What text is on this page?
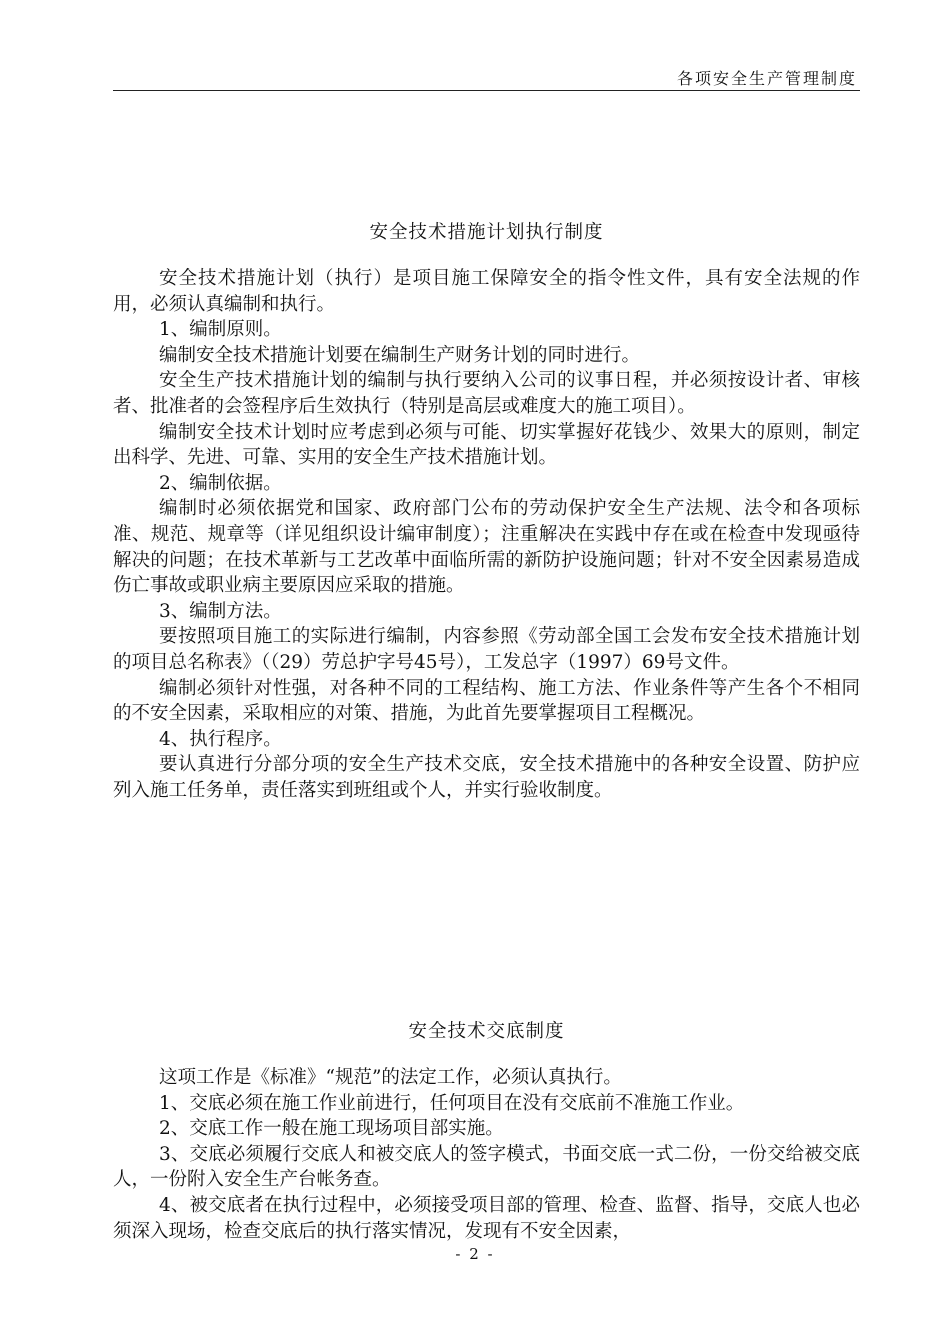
各项安全生产管理制度
安全技术措施计划执行制度

安全技术措施计划（执行）是项目施工保障安全的指令性文件，具有安全法规的作用，必须认真编制和执行。

1、编制原则。

编制安全技术措施计划要在编制生产财务计划的同时进行。

安全生产技术措施计划的编制与执行要纳入公司的议事日程，并必须按设计者、审核者、批准者的会签程序后生效执行（特别是高层或难度大的施工项目）。

编制安全技术计划时应考虑到必须与可能、切实掌握好花钱少、效果大的原则，制定出科学、先进、可靠、实用的安全生产技术措施计划。

2、编制依据。

编制时必须依据党和国家、政府部门公布的劳动保护安全生产法规、法令和各项标准、规范、规章等（详见组织设计编审制度）；注重解决在实践中存在或在检查中发现亟待解决的问题；在技术革新与工艺改革中面临所需的新防护设施问题；针对不安全因素易造成伤亡事故或职业病主要原因应采取的措施。

3、编制方法。

要按照项目施工的实际进行编制，内容参照《劳动部全国工会发布安全技术措施计划的项目总名称表》（（29）劳总护字号45号），工发总字（1997）69号文件。

编制必须针对性强，对各种不同的工程结构、施工方法、作业条件等产生各个不相同的不安全因素，采取相应的对策、措施，为此首先要掌握项目工程概况。

4、执行程序。

要认真进行分部分项的安全生产技术交底，安全技术措施中的各种安全设置、防护应列入施工任务单，责任落实到班组或个人，并实行验收制度。

安全技术交底制度

这项工作是《标准》“规范”的法定工作，必须认真执行。

1、交底必须在施工作业前进行，任何项目在没有交底前不准施工作业。

2、交底工作一般在施工现场项目部实施。

3、交底必须履行交底人和被交底人的签字模式，书面交底一式二份，一份交给被交底人，一份附入安全生产台帐务查。

4、被交底者在执行过程中，必须接受项目部的管理、检查、监督、指导，交底人也必须深入现场，检查交底后的执行落实情况，发现有不安全因素，

- 2 -
